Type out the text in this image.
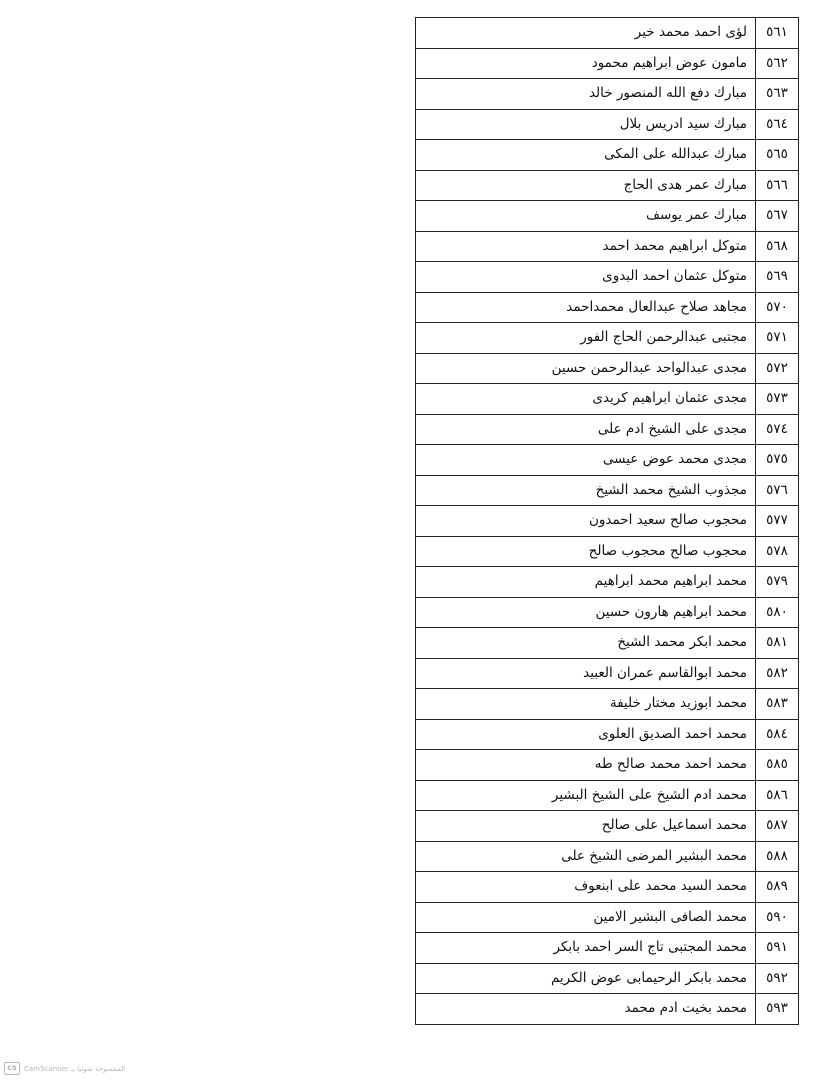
٥٦١	لؤى احمد محمد خير
٥٦٢	مامون عوض ابراهيم محمود
٥٦٣	مبارك دفع الله المنصور خالد
٥٦٤	مبارك سيد ادريس بلال
٥٦٥	مبارك عبدالله على المكى
٥٦٦	مبارك عمر هدى الحاج
٥٦٧	مبارك عمر يوسف
٥٦٨	متوكل ابراهيم محمد احمد
٥٦٩	متوكل عثمان احمد البدوى
٥٧٠	مجاهد صلاح عبدالعال محمداحمد
٥٧١	مجتبى عبدالرحمن الحاج الفور
٥٧٢	مجدى عبدالواحد عبدالرحمن حسين
٥٧٣	مجدى عثمان ابراهيم كريدى
٥٧٤	مجدى على الشيخ ادم على
٥٧٥	مجدى محمد عوض عيسى
٥٧٦	مجذوب الشيخ محمد الشيخ
٥٧٧	محجوب صالح سعيد احمدون
٥٧٨	محجوب صالح محجوب صالح
٥٧٩	محمد ابراهيم محمد ابراهيم
٥٨٠	محمد ابراهيم هارون حسين
٥٨١	محمد ابكر محمد الشيخ
٥٨٢	محمد ابوالقاسم عمران العبيد
٥٨٣	محمد ابوزيد مختار خليفة
٥٨٤	محمد احمد الصديق العلوى
٥٨٥	محمد احمد محمد صالح طه
٥٨٦	محمد ادم الشيخ على الشيخ البشير
٥٨٧	محمد اسماعيل على صالح
٥٨٨	محمد البشير المرضى الشيخ على
٥٨٩	محمد السيد محمد على ابنعوف
٥٩٠	محمد الصافى البشير الامين
٥٩١	محمد المجتبى تاج السر احمد بابكر
٥٩٢	محمد بابكر الرحيمابى عوض الكريم
٥٩٣	محمد بخيت ادم محمد
CS	CamScanner الممسوحة ضوئيا بـ
